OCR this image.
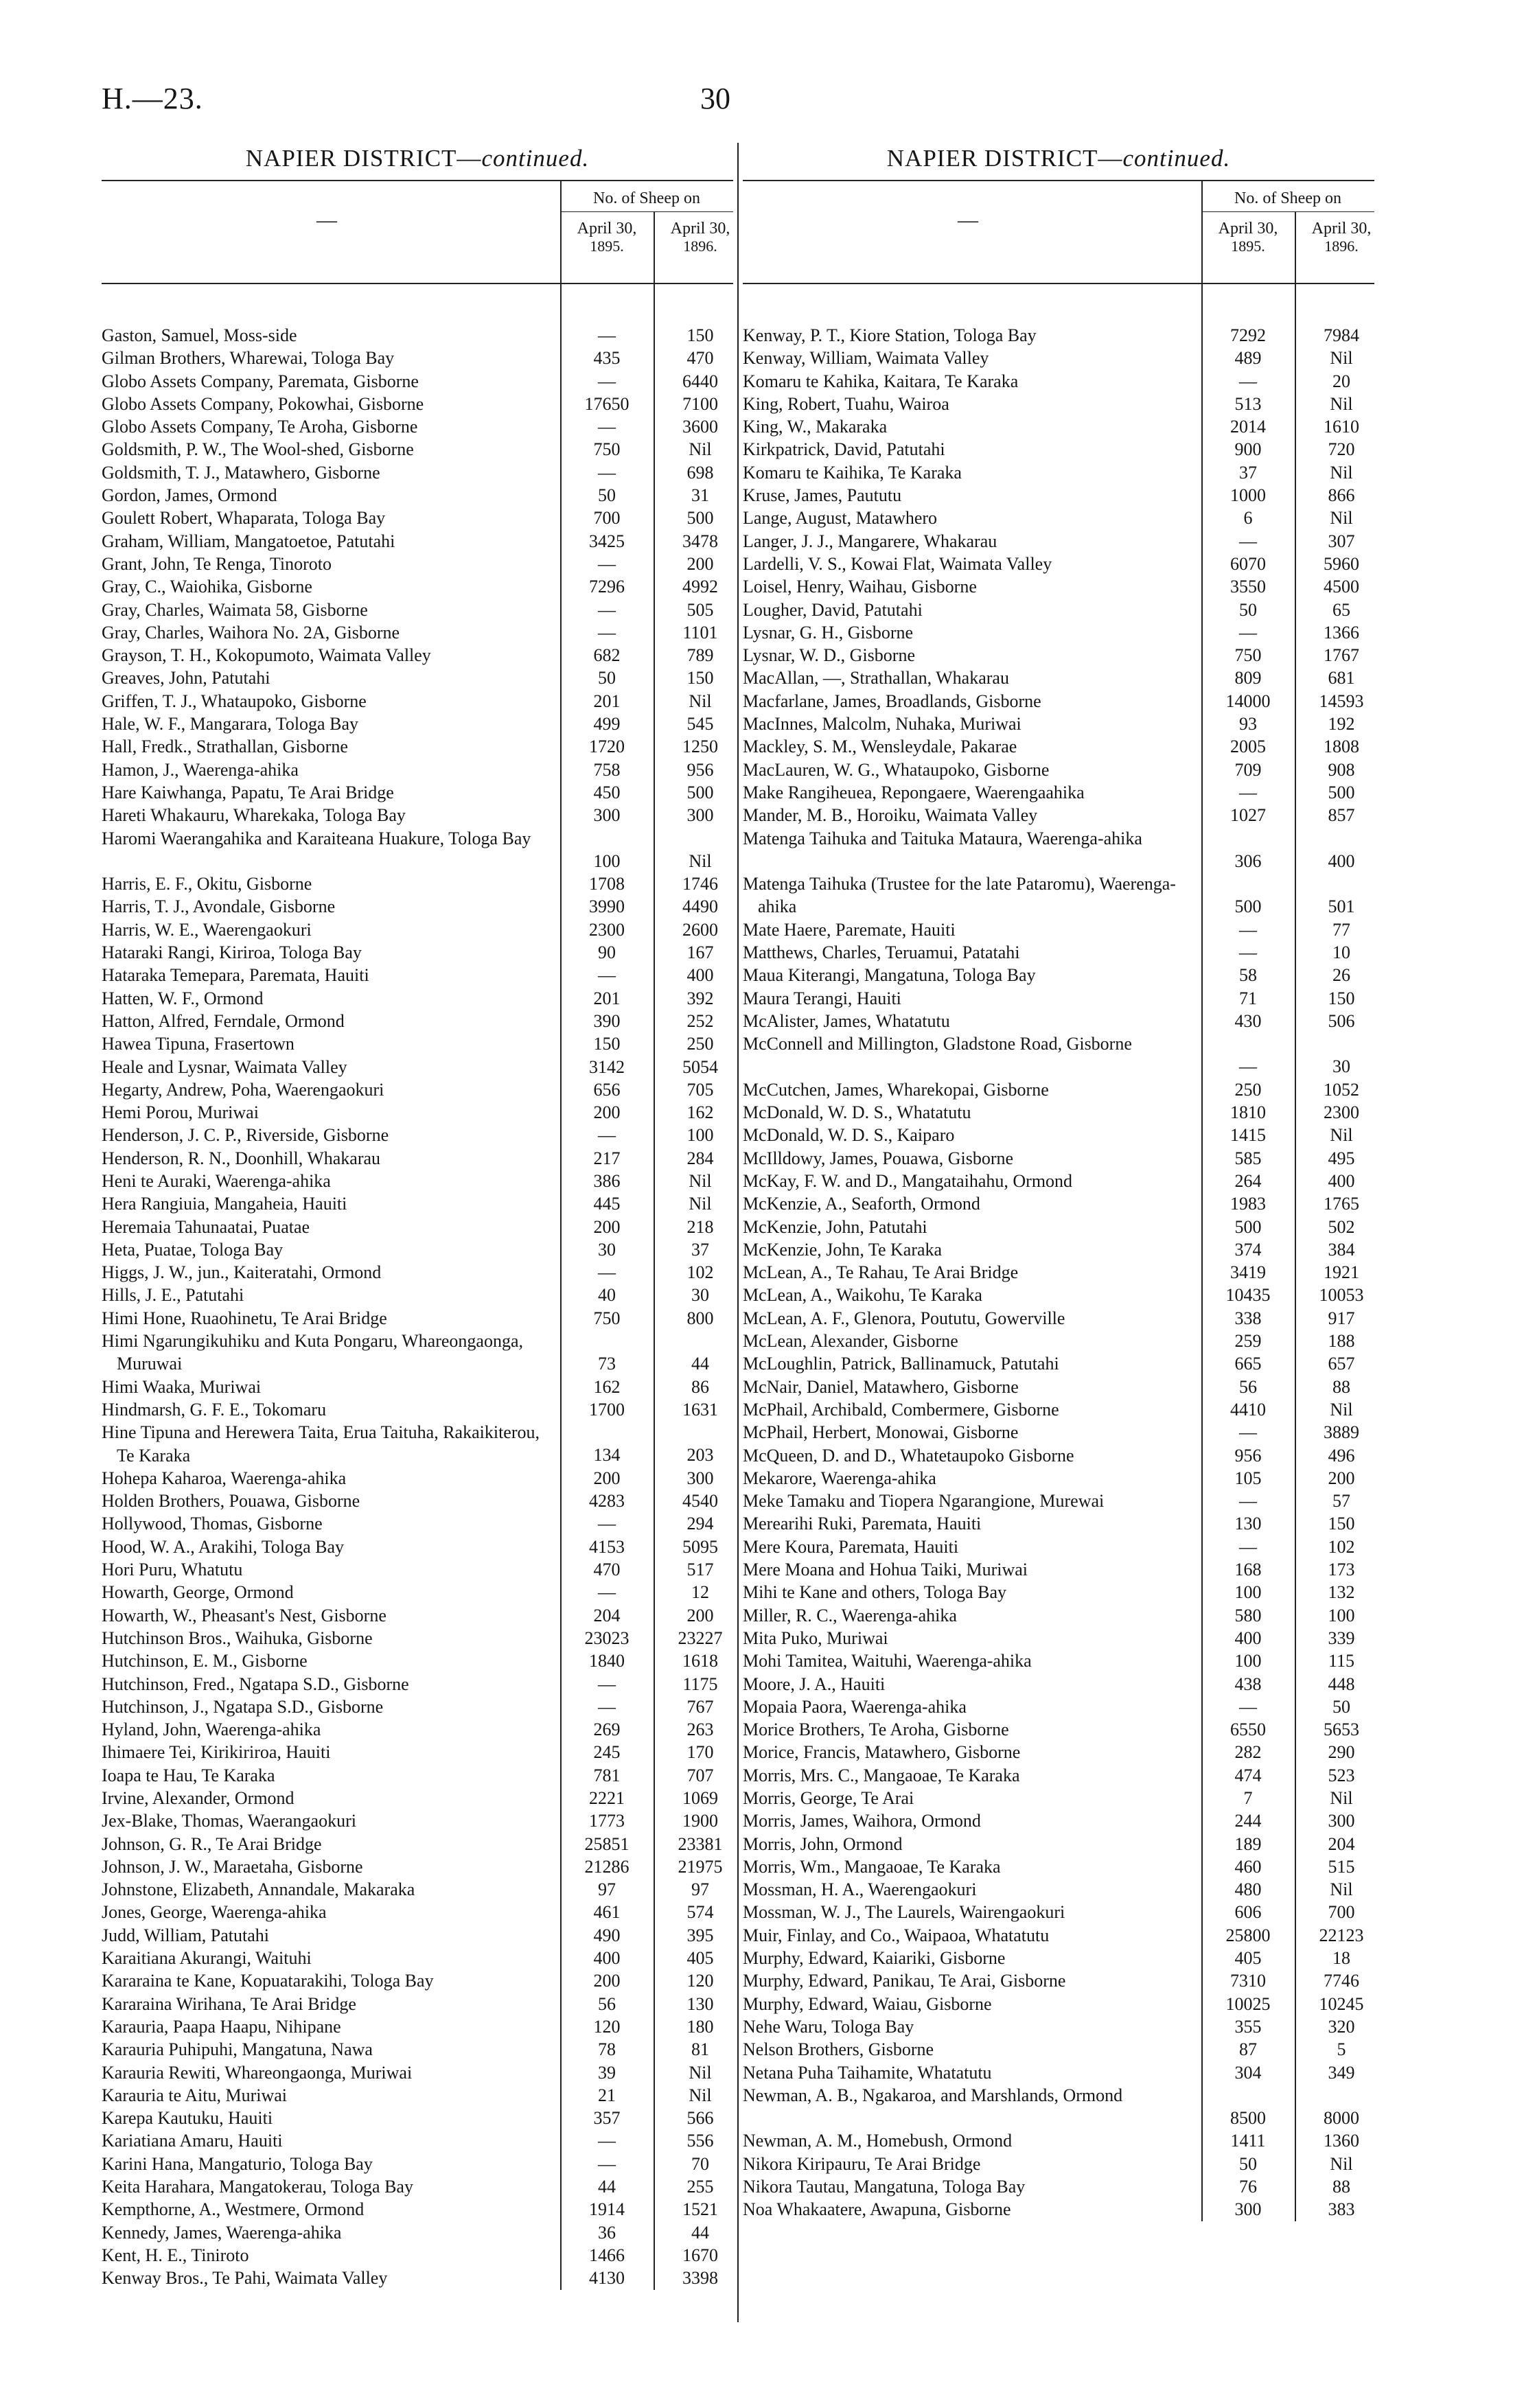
H.—23.	30
NAPIER DISTRICT—continued.
—
No. of Sheep on
April 30,
1895.
April 30,
1896.
Gaston, Samuel, Moss-side	—	150
Gilman Brothers, Wharewai, Tologa Bay	435	470
Globo Assets Company, Paremata, Gisborne	—	6440
Globo Assets Company, Pokowhai, Gisborne	17650	7100
Globo Assets Company, Te Aroha, Gisborne	—	3600
Goldsmith, P. W., The Wool-shed, Gisborne	750	Nil
Goldsmith, T. J., Matawhero, Gisborne	—	698
Gordon, James, Ormond	50	31
Goulett Robert, Whaparata, Tologa Bay	700	500
Graham, William, Mangatoetoe, Patutahi	3425	3478
Grant, John, Te Renga, Tinoroto	—	200
Gray, C., Waiohika, Gisborne	7296	4992
Gray, Charles, Waimata 58, Gisborne	—	505
Gray, Charles, Waihora No. 2A, Gisborne	—	1101
Grayson, T. H., Kokopumoto, Waimata Valley	682	789
Greaves, John, Patutahi	50	150
Griffen, T. J., Whataupoko, Gisborne	201	Nil
Hale, W. F., Mangarara, Tologa Bay	499	545
Hall, Fredk., Strathallan, Gisborne	1720	1250
Hamon, J., Waerenga-ahika	758	956
Hare Kaiwhanga, Papatu, Te Arai Bridge	450	500
Hareti Whakauru, Wharekaka, Tologa Bay	300	300
Haromi Waerangahika and Karaiteana Huakure, Tologa Bay
100	Nil
Harris, E. F., Okitu, Gisborne	1708	1746
Harris, T. J., Avondale, Gisborne	3990	4490
Harris, W. E., Waerengaokuri	2300	2600
Hataraki Rangi, Kiriroa, Tologa Bay	90	167
Hataraka Temepara, Paremata, Hauiti	—	400
Hatten, W. F., Ormond	201	392
Hatton, Alfred, Ferndale, Ormond	390	252
Hawea Tipuna, Frasertown	150	250
Heale and Lysnar, Waimata Valley	3142	5054
Hegarty, Andrew, Poha, Waerengaokuri	656	705
Hemi Porou, Muriwai	200	162
Henderson, J. C. P., Riverside, Gisborne	—	100
Henderson, R. N., Doonhill, Whakarau	217	284
Heni te Auraki, Waerenga-ahika	386	Nil
Hera Rangiuia, Mangaheia, Hauiti	445	Nil
Heremaia Tahunaatai, Puatae	200	218
Heta, Puatae, Tologa Bay	30	37
Higgs, J. W., jun., Kaiteratahi, Ormond	—	102
Hills, J. E., Patutahi	40	30
Himi Hone, Ruaohinetu, Te Arai Bridge	750	800
Himi Ngarungikuhiku and Kuta Pongaru, Whareongaonga, Muruwai	73	44
Himi Waaka, Muriwai	162	86
Hindmarsh, G. F. E., Tokomaru	1700	1631
Hine Tipuna and Herewera Taita, Erua Taituha, Rakaikiterou, Te Karaka	134	203
Hohepa Kaharoa, Waerenga-ahika	200	300
Holden Brothers, Pouawa, Gisborne	4283	4540
Hollywood, Thomas, Gisborne	—	294
Hood, W. A., Arakihi, Tologa Bay	4153	5095
Hori Puru, Whatutu	470	517
Howarth, George, Ormond	—	12
Howarth, W., Pheasant's Nest, Gisborne	204	200
Hutchinson Bros., Waihuka, Gisborne	23023	23227
Hutchinson, E. M., Gisborne	1840	1618
Hutchinson, Fred., Ngatapa S.D., Gisborne	—	1175
Hutchinson, J., Ngatapa S.D., Gisborne	—	767
Hyland, John, Waerenga-ahika	269	263
Ihimaere Tei, Kirikiriroa, Hauiti	245	170
Ioapa te Hau, Te Karaka	781	707
Irvine, Alexander, Ormond	2221	1069
Jex-Blake, Thomas, Waerangaokuri	1773	1900
Johnson, G. R., Te Arai Bridge	25851	23381
Johnson, J. W., Maraetaha, Gisborne	21286	21975
Johnstone, Elizabeth, Annandale, Makaraka	97	97
Jones, George, Waerenga-ahika	461	574
Judd, William, Patutahi	490	395
Karaitiana Akurangi, Waituhi	400	405
Kararaina te Kane, Kopuatarakihi, Tologa Bay	200	120
Kararaina Wirihana, Te Arai Bridge	56	130
Karauria, Paapa Haapu, Nihipane	120	180
Karauria Puhipuhi, Mangatuna, Nawa	78	81
Karauria Rewiti, Whareongaonga, Muriwai	39	Nil
Karauria te Aitu, Muriwai	21	Nil
Karepa Kautuku, Hauiti	357	566
Kariatiana Amaru, Hauiti	—	556
Karini Hana, Mangaturio, Tologa Bay	—	70
Keita Harahara, Mangatokerau, Tologa Bay	44	255
Kempthorne, A., Westmere, Ormond	1914	1521
Kennedy, James, Waerenga-ahika	36	44
Kent, H. E., Tiniroto	1466	1670
Kenway Bros., Te Pahi, Waimata Valley	4130	3398
NAPIER DISTRICT—continued.
—
No. of Sheep on
April 30,
1895.
April 30,
1896.
Kenway, P. T., Kiore Station, Tologa Bay	7292	7984
Kenway, William, Waimata Valley	489	Nil
Komaru te Kahika, Kaitara, Te Karaka	—	20
King, Robert, Tuahu, Wairoa	513	Nil
King, W., Makaraka	2014	1610
Kirkpatrick, David, Patutahi	900	720
Komaru te Kaihika, Te Karaka	37	Nil
Kruse, James, Paututu	1000	866
Lange, August, Matawhero	6	Nil
Langer, J. J., Mangarere, Whakarau	—	307
Lardelli, V. S., Kowai Flat, Waimata Valley	6070	5960
Loisel, Henry, Waihau, Gisborne	3550	4500
Lougher, David, Patutahi	50	65
Lysnar, G. H., Gisborne	—	1366
Lysnar, W. D., Gisborne	750	1767
MacAllan, —, Strathallan, Whakarau	809	681
Macfarlane, James, Broadlands, Gisborne	14000	14593
MacInnes, Malcolm, Nuhaka, Muriwai	93	192
Mackley, S. M., Wensleydale, Pakarae	2005	1808
MacLauren, W. G., Whataupoko, Gisborne	709	908
Make Rangiheuea, Repongaere, Waerengaahika	—	500
Mander, M. B., Horoiku, Waimata Valley	1027	857
Matenga Taihuka and Taituka Mataura, Waerenga-ahika
306	400
Matenga Taihuka (Trustee for the late Pataromu), Waerenga-ahika	500	501
Mate Haere, Paremate, Hauiti	—	77
Matthews, Charles, Teruamui, Patatahi	—	10
Maua Kiterangi, Mangatuna, Tologa Bay	58	26
Maura Terangi, Hauiti	71	150
McAlister, James, Whatatutu	430	506
McConnell and Millington, Gladstone Road, Gisborne
—	30
McCutchen, James, Wharekopai, Gisborne	250	1052
McDonald, W. D. S., Whatatutu	1810	2300
McDonald, W. D. S., Kaiparo	1415	Nil
McIlldowy, James, Pouawa, Gisborne	585	495
McKay, F. W. and D., Mangataihahu, Ormond	264	400
McKenzie, A., Seaforth, Ormond	1983	1765
McKenzie, John, Patutahi	500	502
McKenzie, John, Te Karaka	374	384
McLean, A., Te Rahau, Te Arai Bridge	3419	1921
McLean, A., Waikohu, Te Karaka	10435	10053
McLean, A. F., Glenora, Poututu, Gowerville	338	917
McLean, Alexander, Gisborne	259	188
McLoughlin, Patrick, Ballinamuck, Patutahi	665	657
McNair, Daniel, Matawhero, Gisborne	56	88
McPhail, Archibald, Combermere, Gisborne	4410	Nil
McPhail, Herbert, Monowai, Gisborne	—	3889
McQueen, D. and D., Whatetaupoko Gisborne	956	496
Mekarore, Waerenga-ahika	105	200
Meke Tamaku and Tiopera Ngarangione, Murewai	—	57
Merearihi Ruki, Paremata, Hauiti	130	150
Mere Koura, Paremata, Hauiti	—	102
Mere Moana and Hohua Taiki, Muriwai	168	173
Mihi te Kane and others, Tologa Bay	100	132
Miller, R. C., Waerenga-ahika	580	100
Mita Puko, Muriwai	400	339
Mohi Tamitea, Waituhi, Waerenga-ahika	100	115
Moore, J. A., Hauiti	438	448
Mopaia Paora, Waerenga-ahika	—	50
Morice Brothers, Te Aroha, Gisborne	6550	5653
Morice, Francis, Matawhero, Gisborne	282	290
Morris, Mrs. C., Mangaoae, Te Karaka	474	523
Morris, George, Te Arai	7	Nil
Morris, James, Waihora, Ormond	244	300
Morris, John, Ormond	189	204
Morris, Wm., Mangaoae, Te Karaka	460	515
Mossman, H. A., Waerengaokuri	480	Nil
Mossman, W. J., The Laurels, Wairengaokuri	606	700
Muir, Finlay, and Co., Waipaoa, Whatatutu	25800	22123
Murphy, Edward, Kaiariki, Gisborne	405	18
Murphy, Edward, Panikau, Te Arai, Gisborne	7310	7746
Murphy, Edward, Waiau, Gisborne	10025	10245
Nehe Waru, Tologa Bay	355	320
Nelson Brothers, Gisborne	87	5
Netana Puha Taihamite, Whatatutu	304	349
Newman, A. B., Ngakaroa, and Marshlands, Ormond
8500	8000
Newman, A. M., Homebush, Ormond	1411	1360
Nikora Kiripauru, Te Arai Bridge	50	Nil
Nikora Tautau, Mangatuna, Tologa Bay	76	88
Noa Whakaatere, Awapuna, Gisborne	300	383
